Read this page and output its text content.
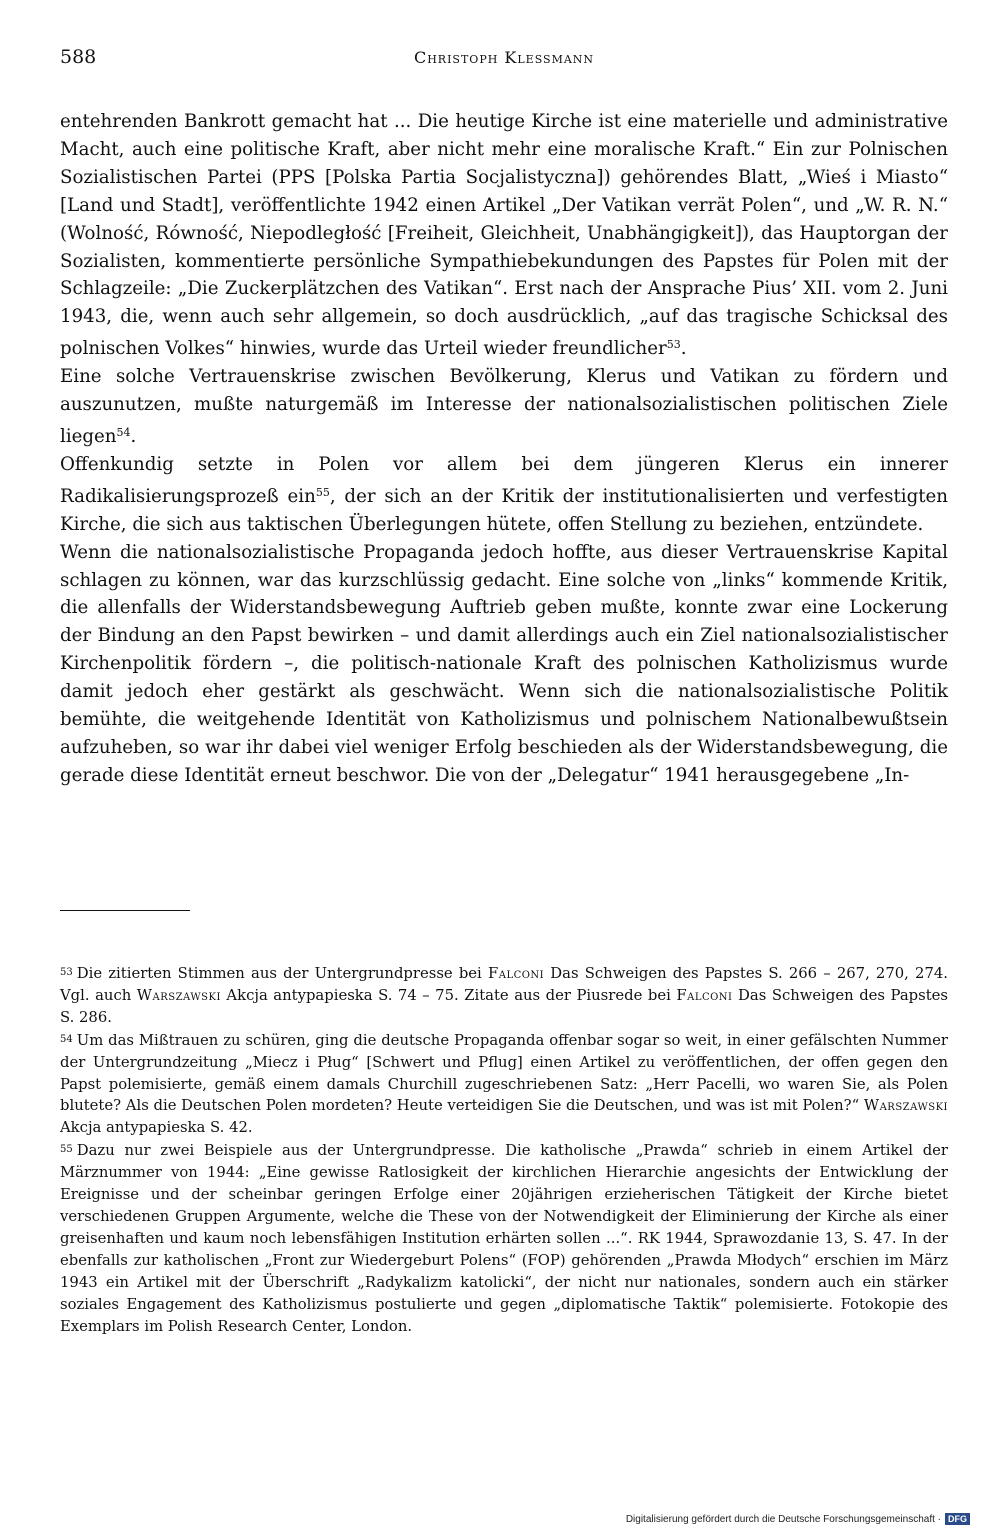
588	Christoph Klessmann

entehrenden Bankrott gemacht hat ... Die heutige Kirche ist eine materielle und administrative Macht, auch eine politische Kraft, aber nicht mehr eine moralische Kraft.“ Ein zur Polnischen Sozialistischen Partei (PPS [Polska Partia Socjalistyczna]) gehörendes Blatt, „Wieś i Miasto“ [Land und Stadt], veröffentlichte 1942 einen Artikel „Der Vatikan verrät Polen“, und „W. R. N.“ (Wolność, Równość, Niepodległość [Freiheit, Gleichheit, Unabhängigkeit]), das Hauptorgan der Sozialisten, kommentierte persönliche Sympathiebekundungen des Papstes für Polen mit der Schlagzeile: „Die Zuckerplätzchen des Vatikan“. Erst nach der Ansprache Pius’ XII. vom 2. Juni 1943, die, wenn auch sehr allgemein, so doch ausdrücklich, „auf das tragische Schicksal des polnischen Volkes“ hinwies, wurde das Urteil wieder freundlicher$^{53}$.

Eine solche Vertrauenskrise zwischen Bevölkerung, Klerus und Vatikan zu fördern und auszunutzen, mußte naturgemäß im Interesse der nationalsozialistischen politischen Ziele liegen$^{54}$.

Offenkundig setzte in Polen vor allem bei dem jüngeren Klerus ein innerer Radikalisierungsprozeß ein$^{55}$, der sich an der Kritik der institutionalisierten und verfestigten Kirche, die sich aus taktischen Überlegungen hütete, offen Stellung zu beziehen, entzündete.

Wenn die nationalsozialistische Propaganda jedoch hoffte, aus dieser Vertrauenskrise Kapital schlagen zu können, war das kurzschlüssig gedacht. Eine solche von „links“ kommende Kritik, die allenfalls der Widerstandsbewegung Auftrieb geben mußte, konnte zwar eine Lockerung der Bindung an den Papst bewirken – und damit allerdings auch ein Ziel nationalsozialistischer Kirchenpolitik fördern –, die politisch-nationale Kraft des polnischen Katholizismus wurde damit jedoch eher gestärkt als geschwächt. Wenn sich die nationalsozialistische Politik bemühte, die weitgehende Identität von Katholizismus und polnischem Nationalbewußtsein aufzuheben, so war ihr dabei viel weniger Erfolg beschieden als der Widerstandsbewegung, die gerade diese Identität erneut beschwor. Die von der „Delegatur“ 1941 herausgegebene „In-

$^{53}$ Die zitierten Stimmen aus der Untergrundpresse bei Falconi Das Schweigen des Papstes S. 266 – 267, 270, 274. Vgl. auch Warszawski Akcja antypapieska S. 74 – 75. Zitate aus der Piusrede bei Falconi Das Schweigen des Papstes S. 286.

$^{54}$ Um das Mißtrauen zu schüren, ging die deutsche Propaganda offenbar sogar so weit, in einer gefälschten Nummer der Untergrundzeitung „Miecz i Pług“ [Schwert und Pflug] einen Artikel zu veröffentlichen, der offen gegen den Papst polemisierte, gemäß einem damals Churchill zugeschriebenen Satz: „Herr Pacelli, wo waren Sie, als Polen blutete? Als die Deutschen Polen mordeten? Heute verteidigen Sie die Deutschen, und was ist mit Polen?“ Warszawski Akcja antypapieska S. 42.

$^{55}$ Dazu nur zwei Beispiele aus der Untergrundpresse. Die katholische „Prawda“ schrieb in einem Artikel der Märznummer von 1944: „Eine gewisse Ratlosigkeit der kirchlichen Hierarchie angesichts der Entwicklung der Ereignisse und der scheinbar geringen Erfolge einer 20jährigen erzieherischen Tätigkeit der Kirche bietet verschiedenen Gruppen Argumente, welche die These von der Notwendigkeit der Eliminierung der Kirche als einer greisenhaften und kaum noch lebensfähigen Institution erhärten sollen ...“. RK 1944, Sprawozdanie 13, S. 47. In der ebenfalls zur katholischen „Front zur Wiedergeburt Polens“ (FOP) gehörenden „Prawda Młodych“ erschien im März 1943 ein Artikel mit der Überschrift „Radykalizm katolicki“, der nicht nur nationales, sondern auch ein stärker soziales Engagement des Katholizismus postulierte und gegen „diplomatische Taktik“ polemisierte. Fotokopie des Exemplars im Polish Research Center, London.

Digitalisierung gefördert durch die Deutsche Forschungsgemeinschaft · DFG
